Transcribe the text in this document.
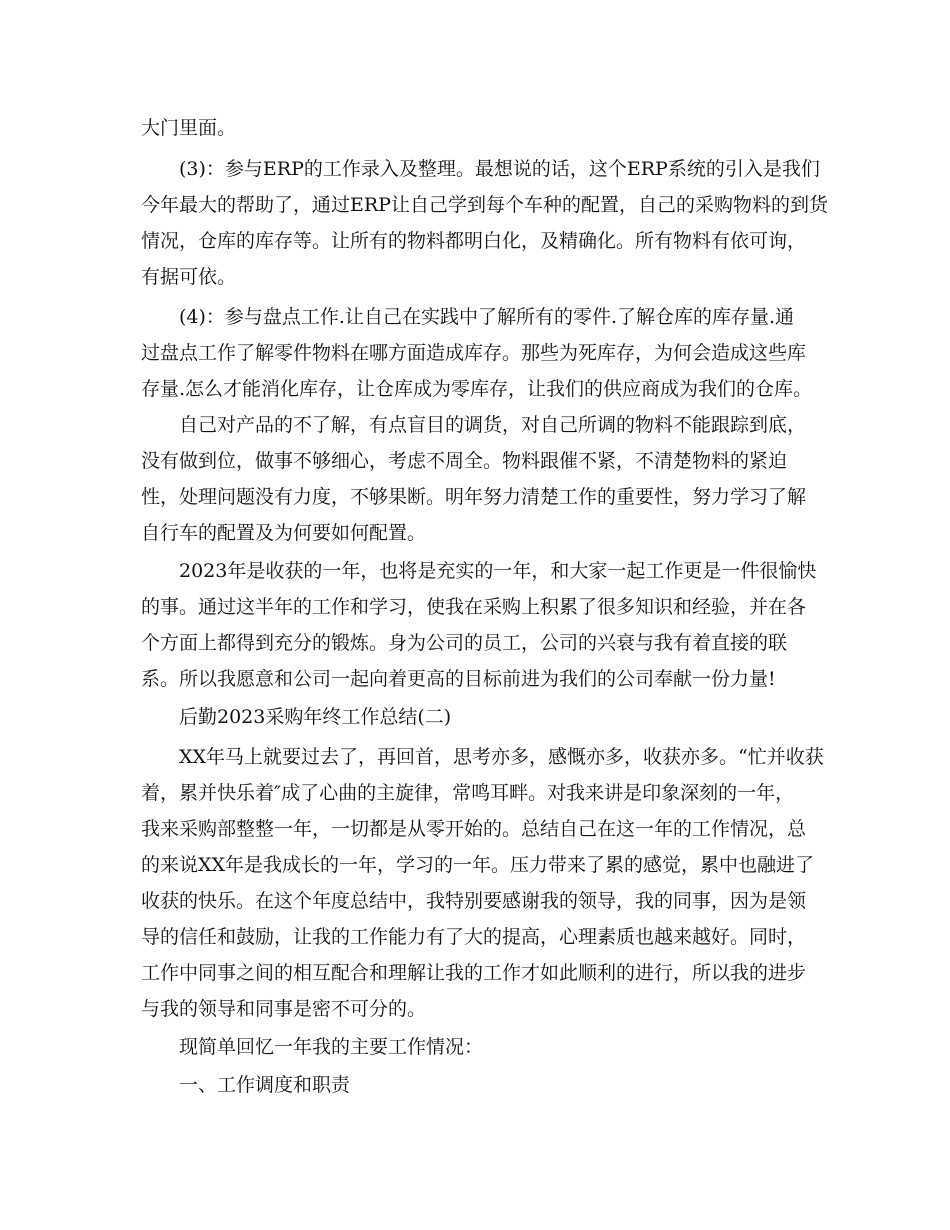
大门里面。
(3)：参与ERP的工作录入及整理。最想说的话，这个ERP系统的引入是我们
今年最大的帮助了，通过ERP让自己学到每个车种的配置，自己的采购物料的到货
情况，仓库的库存等。让所有的物料都明白化，及精确化。所有物料有依可询，
有据可依。
(4)：参与盘点工作.让自己在实践中了解所有的零件.了解仓库的库存量.通
过盘点工作了解零件物料在哪方面造成库存。那些为死库存，为何会造成这些库
存量.怎么才能消化库存，让仓库成为零库存，让我们的供应商成为我们的仓库。
自己对产品的不了解，有点盲目的调货，对自己所调的物料不能跟踪到底，
没有做到位，做事不够细心，考虑不周全。物料跟催不紧，不清楚物料的紧迫
性，处理问题没有力度，不够果断。明年努力清楚工作的重要性，努力学习了解
自行车的配置及为何要如何配置。
2023年是收获的一年，也将是充实的一年，和大家一起工作更是一件很愉快
的事。通过这半年的工作和学习，使我在采购上积累了很多知识和经验，并在各
个方面上都得到充分的锻炼。身为公司的员工，公司的兴衰与我有着直接的联
系。所以我愿意和公司一起向着更高的目标前进为我们的公司奉献一份力量!
后勤2023采购年终工作总结(二)
XX年马上就要过去了，再回首，思考亦多，感慨亦多，收获亦多。“忙并收获
着，累并快乐着″成了心曲的主旋律，常鸣耳畔。对我来讲是印象深刻的一年，
我来采购部整整一年，一切都是从零开始的。总结自己在这一年的工作情况，总
的来说XX年是我成长的一年，学习的一年。压力带来了累的感觉，累中也融进了
收获的快乐。在这个年度总结中，我特别要感谢我的领导，我的同事，因为是领
导的信任和鼓励，让我的工作能力有了大的提高，心理素质也越来越好。同时，
工作中同事之间的相互配合和理解让我的工作才如此顺利的进行，所以我的进步
与我的领导和同事是密不可分的。
现简单回忆一年我的主要工作情况：
一、工作调度和职责
